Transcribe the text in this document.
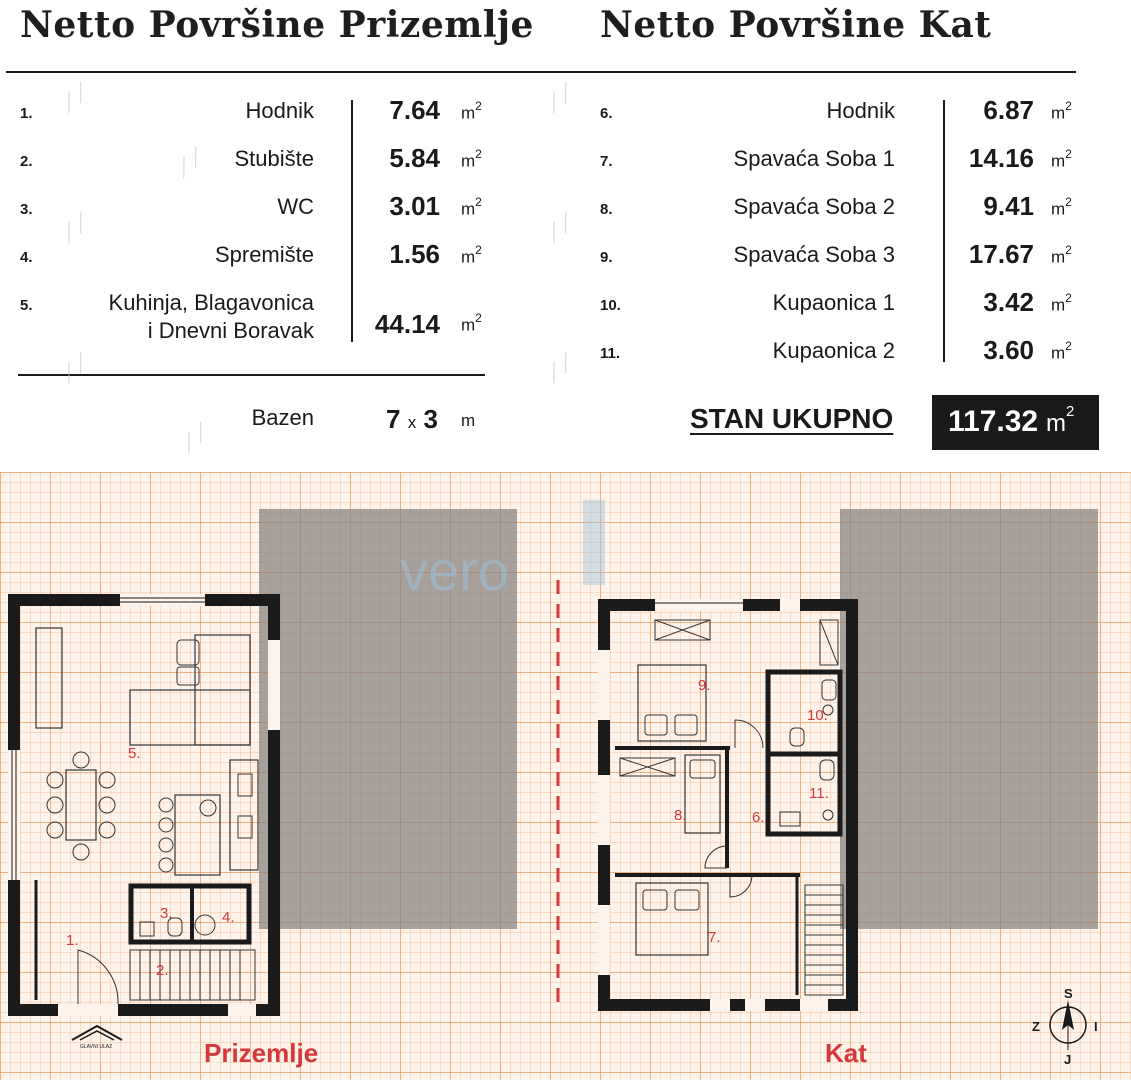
Netto Površine Prizemlje Netto Površine Kat
1.	Hodnik	7.64 $m^2$
2.	Stubište	5.84 $m^2$
3.	WC	3.01 $m^2$
4.	Spremište	1.56 $m^2$
5.	Kuhinja, Blagavonica
i Dnevni Boravak 44.14 $m^2$
Bazen	7 x 3 m
6.	Hodnik	6.87 $m^2$
7.	Spavaća Soba 1	14.16 $m^2$
8.	Spavaća Soba 2	9.41 $m^2$
9.	Spavaća Soba 3	17.67 $m^2$
10.	Kupaonica 1	3.42 $m^2$
11.	Kupaonica 2	3.60 $m^2$
STAN UKUPNO 117.32 $m^2$
⟋⟋	⟋⟋
⟋⟋
⟋⟋
⟋⟋
⟋⟋
⟋⟋
⟋⟋
vero
5.
3.	4.
1.
2.
GLAVNI ULAZ
9.
10.
11.
8.	6.
7.
S
Z	I
J
Prizemlje	Kat
